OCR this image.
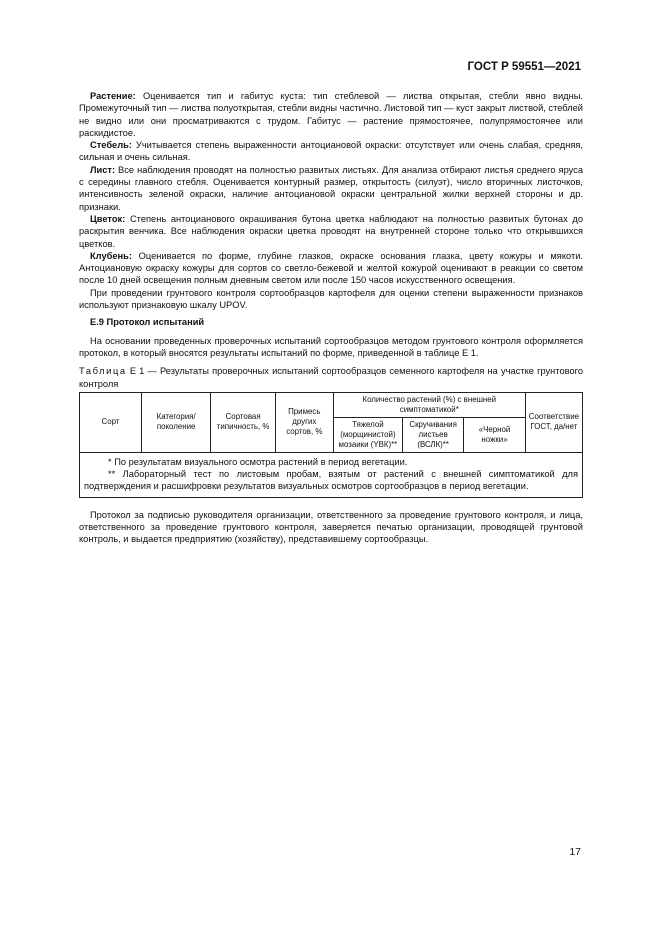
ГОСТ Р 59551—2021

Растение: Оценивается тип и габитус куста: тип стеблевой — листва открытая, стебли явно видны. Промежуточный тип — листва полуоткрытая, стебли видны частично. Листовой тип — куст закрыт листвой, стеблей не видно или они просматриваются с трудом. Габитус — растение прямостоячее, полупрямостоячее или раскидистое.

Стебель: Учитывается степень выраженности антоциановой окраски: отсутствует или очень слабая, средняя, сильная и очень сильная.

Лист: Все наблюдения проводят на полностью развитых листьях. Для анализа отбирают листья среднего яруса с середины главного стебля. Оценивается контурный размер, открытость (силуэт), число вторичных листочков, интенсивность зеленой окраски, наличие антоциановой окраски центральной жилки верхней стороны и др. признаки.

Цветок: Степень антоцианового окрашивания бутона цветка наблюдают на полностью развитых бутонах до раскрытия венчика. Все наблюдения окраски цветка проводят на внутренней стороне только что открывшихся цветков.

Клубень: Оценивается по форме, глубине глазков, окраске основания глазка, цвету кожуры и мякоти. Антоциановую окраску кожуры для сортов со светло-бежевой и желтой кожурой оценивают в реакции со светом после 10 дней освещения полным дневным светом или после 150 часов искусственного освещения.

При проведении грунтового контроля сортообразцов картофеля для оценки степени выраженности признаков используют признаковую шкалу UPOV.

Е.9 Протокол испытаний

На основании проведенных проверочных испытаний сортообразцов методом грунтового контроля оформляется протокол, в который вносятся результаты испытаний по форме, приведенной в таблице Е 1.

Таблица Е 1 — Результаты проверочных испытаний сортообразцов семенного картофеля на участке грунтового контроля

Сорт	Категория/ поколение	Сортовая типичность, %	Примесь других сортов, %	Количество растений (%) с внешней симптоматикой*			Соответствие ГОСТ, да/нет
				Тяжелой (морщинистой) мозаики (YВК)**	Скручивания листьев (ВСЛК)**	«Черной ножки»	

* По результатам визуального осмотра растений в период вегетации.

** Лабораторный тест по листовым пробам, взятым от растений с внешней симптоматикой для подтверждения и расшифровки результатов визуальных осмотров сортообразцов в период вегетации.							

Протокол за подписью руководителя организации, ответственного за проведение грунтового контроля, и лица, ответственного за проведение грунтового контроля, заверяется печатью организации, проводящей грунтовой контроль, и выдается предприятию (хозяйству), представившему сортообразцы.

17
